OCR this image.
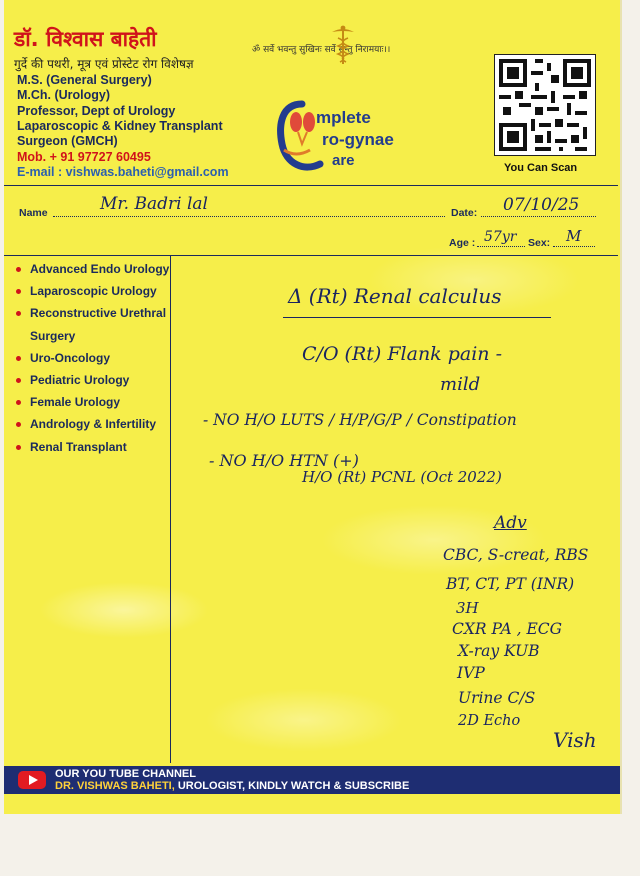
डॉ. विश्वास बाहेती
गुर्दे की पथरी, मूत्र एवं प्रोस्टेट रोग विशेषज्ञ
M.S. (General Surgery)
M.Ch. (Urology)
Professor, Dept of Urology
Laparoscopic & Kidney Transplant
Surgeon (GMCH)
Mob. + 91 97727 60495
E-mail : vishwas.baheti@gmail.com
ॐ सर्वे भवन्तु सुखिनः सर्वे सन्तु निरामयाः।।
mplete
ro-gynae
are	You Can Scan
Name	Mr. Badri lal	Date: 07/10/25
Age : 57yr Sex: M
Advanced Endo Urology
Laparoscopic Urology
Reconstructive Urethral
Surgery
Uro-Oncology
Pediatric Urology
Female Urology
Andrology & Infertility
Renal Transplant
Δ (Rt) Renal calculus
C/O (Rt) Flank pain -
mild
- NO H/O LUTS / H/P/G/P / Constipation
- NO H/O HTN (+)
H/O (Rt) PCNL (Oct 2022)
Adv
CBC, S-creat, RBS
BT, CT, PT (INR)
3H
CXR PA , ECG
X-ray KUB
IVP
Urine C/S
2D Echo
Vish
OUR YOU TUBE CHANNEL
DR. VISHWAS BAHETI, UROLOGIST, KINDLY WATCH & SUBSCRIBE
